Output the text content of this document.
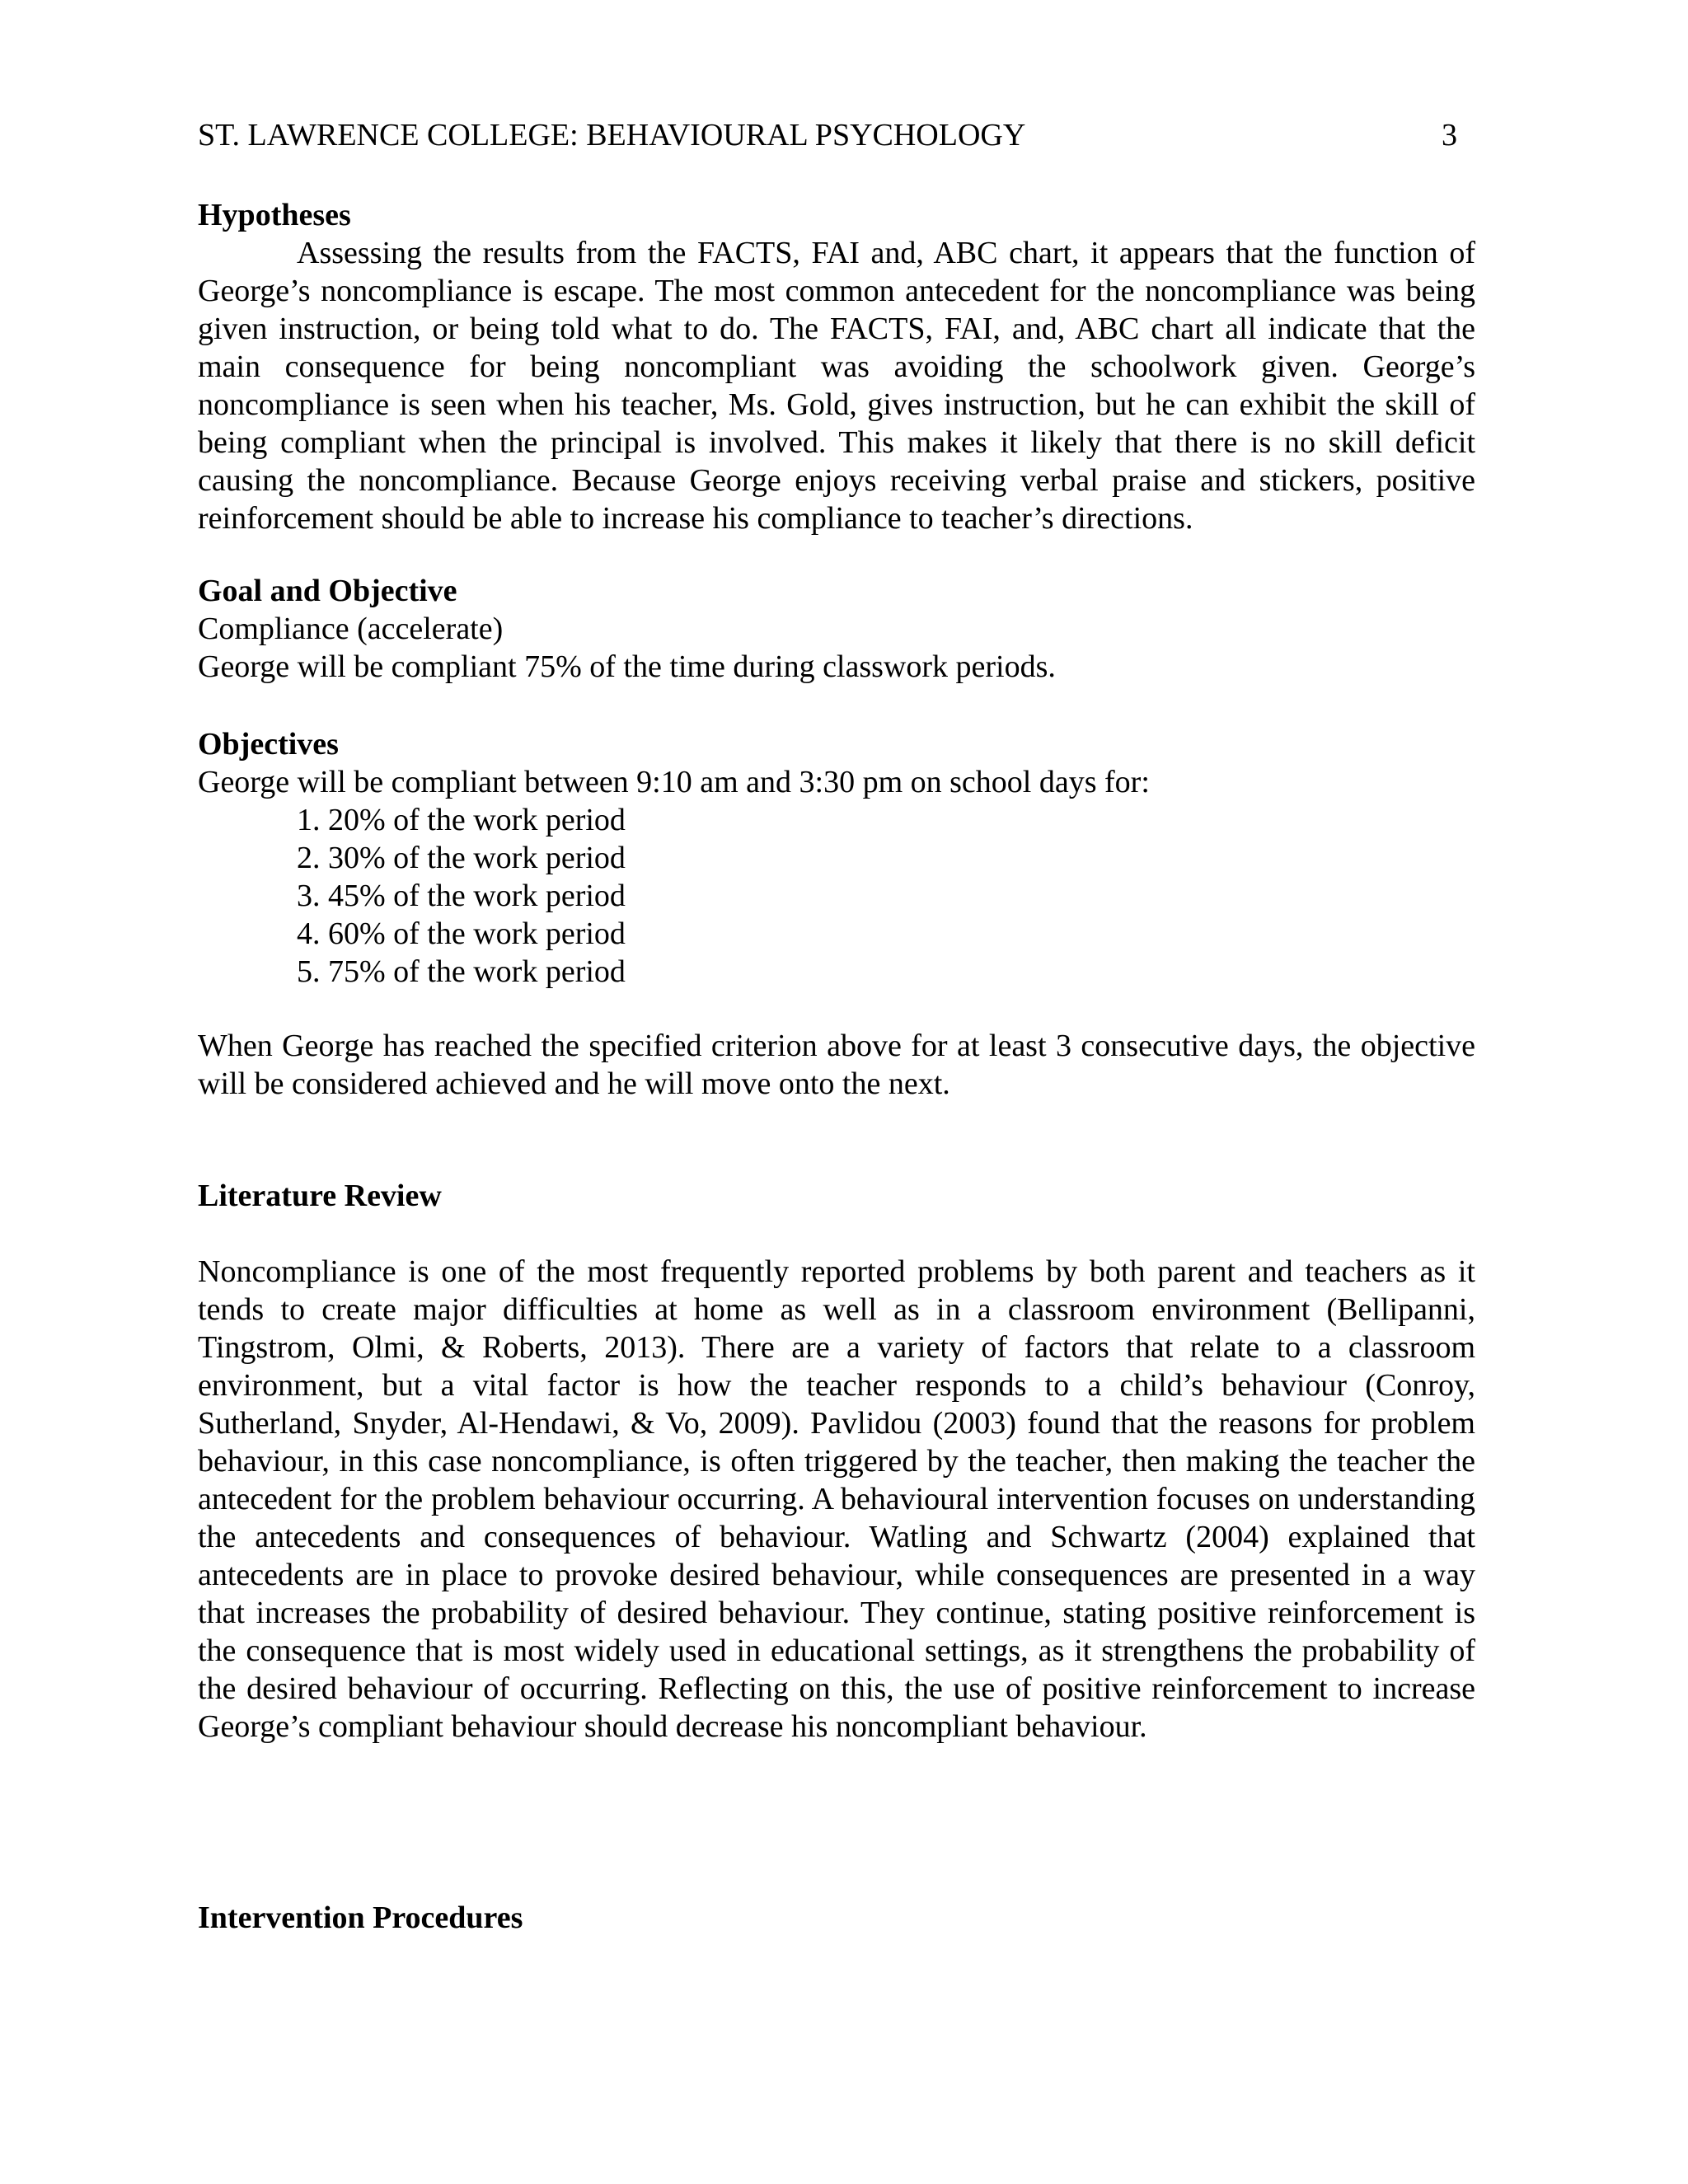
ST. LAWRENCE COLLEGE: BEHAVIOURAL PSYCHOLOGY	3

Hypotheses

Assessing the results from the FACTS, FAI and, ABC chart, it appears that the function of George’s noncompliance is escape. The most common antecedent for the noncompliance was being given instruction, or being told what to do. The FACTS, FAI, and, ABC chart all indicate that the main consequence for being noncompliant was avoiding the schoolwork given. George’s noncompliance is seen when his teacher, Ms. Gold, gives instruction, but he can exhibit the skill of being compliant when the principal is involved. This makes it likely that there is no skill deficit causing the noncompliance. Because George enjoys receiving verbal praise and stickers, positive reinforcement should be able to increase his compliance to teacher’s directions.

Goal and Objective

Compliance (accelerate)

George will be compliant 75% of the time during classwork periods.

Objectives

George will be compliant between 9:10 am and 3:30 pm on school days for:

1. 20% of the work period
2. 30% of the work period
3. 45% of the work period
4. 60% of the work period
5. 75% of the work period

When George has reached the specified criterion above for at least 3 consecutive days, the objective will be considered achieved and he will move onto the next.

Literature Review

Noncompliance is one of the most frequently reported problems by both parent and teachers as it tends to create major difficulties at home as well as in a classroom environment (Bellipanni, Tingstrom, Olmi, & Roberts, 2013). There are a variety of factors that relate to a classroom environment, but a vital factor is how the teacher responds to a child’s behaviour (Conroy, Sutherland, Snyder, Al-Hendawi, & Vo, 2009). Pavlidou (2003) found that the reasons for problem behaviour, in this case noncompliance, is often triggered by the teacher, then making the teacher the antecedent for the problem behaviour occurring. A behavioural intervention focuses on understanding the antecedents and consequences of behaviour. Watling and Schwartz (2004) explained that antecedents are in place to provoke desired behaviour, while consequences are presented in a way that increases the probability of desired behaviour. They continue, stating positive reinforcement is the consequence that is most widely used in educational settings, as it strengthens the probability of the desired behaviour of occurring. Reflecting on this, the use of positive reinforcement to increase George’s compliant behaviour should decrease his noncompliant behaviour.

Intervention Procedures
